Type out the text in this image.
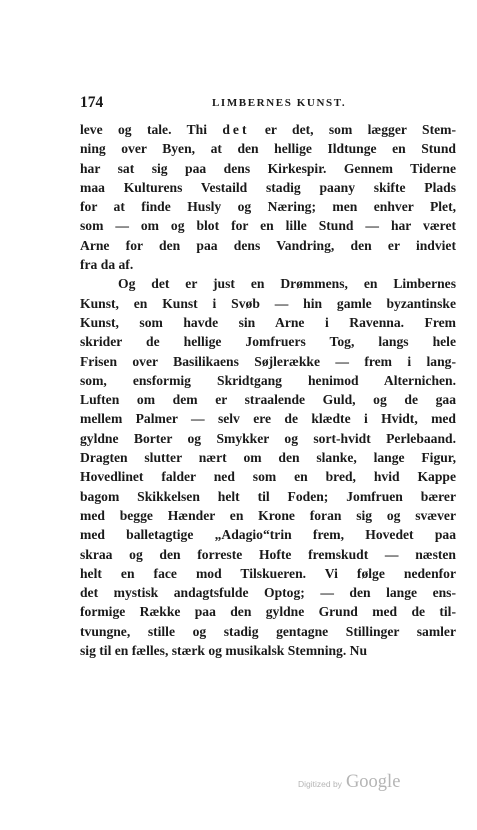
174	LIMBERNES KUNST.
leve og tale. Thi det er det, som lægger Stem-
ning over Byen, at den hellige Ildtunge en Stund
har sat sig paa dens Kirkespir. Gennem Tiderne
maa Kulturens Vestaild stadig paany skifte Plads
for at finde Husly og Næring; men enhver Plet,
som — om og blot for en lille Stund — har været
Arne for den paa dens Vandring, den er indviet
fra da af.
Og det er just en Drømmens, en Limbernes
Kunst, en Kunst i Svøb — hin gamle byzantinske
Kunst, som havde sin Arne i Ravenna. Frem
skrider de hellige Jomfruers Tog, langs hele
Frisen over Basilikaens Søjlerække — frem i lang-
som, ensformig Skridtgang henimod Alternichen.
Luften om dem er straalende Guld, og de gaa
mellem Palmer — selv ere de klædte i Hvidt, med
gyldne Borter og Smykker og sort-hvidt Perlebaand.
Dragten slutter nært om den slanke, lange Figur,
Hovedlinet falder ned som en bred, hvid Kappe
bagom Skikkelsen helt til Foden; Jomfruen bærer
med begge Hænder en Krone foran sig og svæver
med balletagtige „Adagio“trin frem, Hovedet paa
skraa og den forreste Hofte fremskudt — næsten
helt en face mod Tilskueren. Vi følge nedenfor
det mystisk andagtsfulde Optog; — den lange ens-
formige Række paa den gyldne Grund med de til-
tvungne, stille og stadig gentagne Stillinger samler
sig til en fælles, stærk og musikalsk Stemning. Nu
Digitized by Google
